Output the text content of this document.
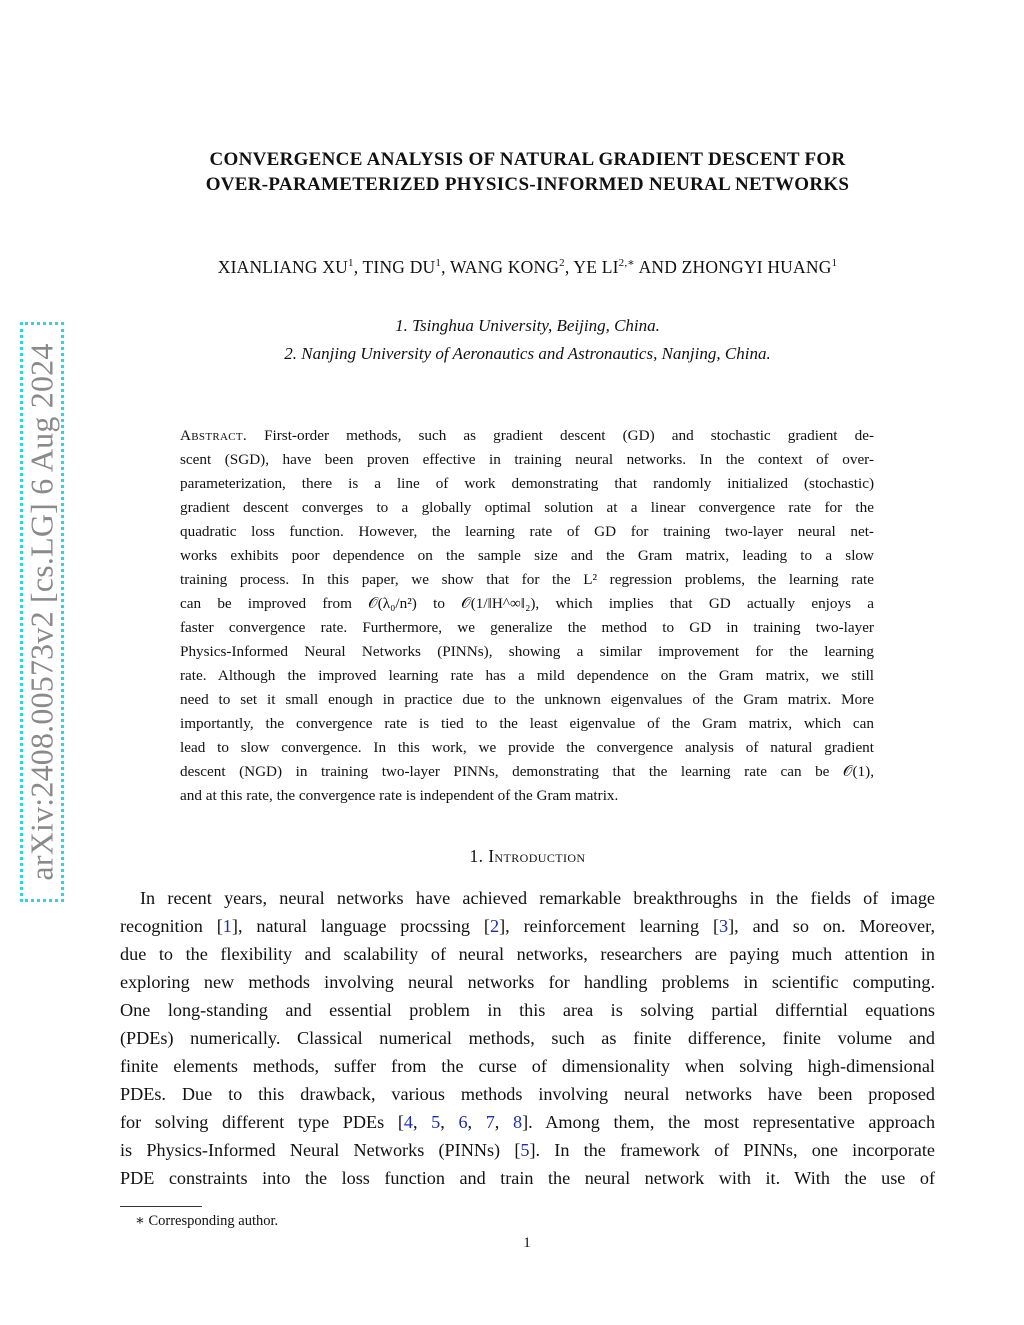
arXiv:2408.00573v2 [cs.LG] 6 Aug 2024
CONVERGENCE ANALYSIS OF NATURAL GRADIENT DESCENT FOR
OVER-PARAMETERIZED PHYSICS-INFORMED NEURAL NETWORKS
XIANLIANG $XU^1$, TING $DU^1$, WANG KONG$^2$, YE $LI^{2,∗}$ AND ZHONGYI HUANG$^1$
1. Tsinghua University, Beijing, China.
2. Nanjing University of Aeronautics and Astronautics, Nanjing, China.
Abstract. First-order methods, such as gradient descent (GD) and stochastic gradient de-
scent (SGD), have been proven effective in training neural networks. In the context of over-
parameterization, there is a line of work demonstrating that randomly initialized (stochastic)
gradient descent converges to a globally optimal solution at a linear convergence rate for the
quadratic loss function. However, the learning rate of GD for training two-layer neural net-
works exhibits poor dependence on the sample size and the Gram matrix, leading to a slow
training process. In this paper, we show that for the L² regression problems, the learning rate
can be improved from 𝒪(λ₀/n²) to 𝒪(1/‖H^∞‖₂), which implies that GD actually enjoys a
faster convergence rate. Furthermore, we generalize the method to GD in training two-layer
Physics-Informed Neural Networks (PINNs), showing a similar improvement for the learning
rate. Although the improved learning rate has a mild dependence on the Gram matrix, we still
need to set it small enough in practice due to the unknown eigenvalues of the Gram matrix. More
importantly, the convergence rate is tied to the least eigenvalue of the Gram matrix, which can
lead to slow convergence. In this work, we provide the convergence analysis of natural gradient
descent (NGD) in training two-layer PINNs, demonstrating that the learning rate can be 𝒪(1),
and at this rate, the convergence rate is independent of the Gram matrix.
1. Introduction
In recent years, neural networks have achieved remarkable breakthroughs in the fields of image
recognition [1], natural language procssing [2], reinforcement learning [3], and so on. Moreover,
due to the flexibility and scalability of neural networks, researchers are paying much attention in
exploring new methods involving neural networks for handling problems in scientific computing.
One long-standing and essential problem in this area is solving partial differntial equations
(PDEs) numerically. Classical numerical methods, such as finite difference, finite volume and
finite elements methods, suffer from the curse of dimensionality when solving high-dimensional
PDEs. Due to this drawback, various methods involving neural networks have been proposed
for solving different type PDEs [4, 5, 6, 7, 8]. Among them, the most representative approach
is Physics-Informed Neural Networks (PINNs) [5]. In the framework of PINNs, one incorporate
PDE constraints into the loss function and train the neural network with it. With the use of
∗ Corresponding author.
1
